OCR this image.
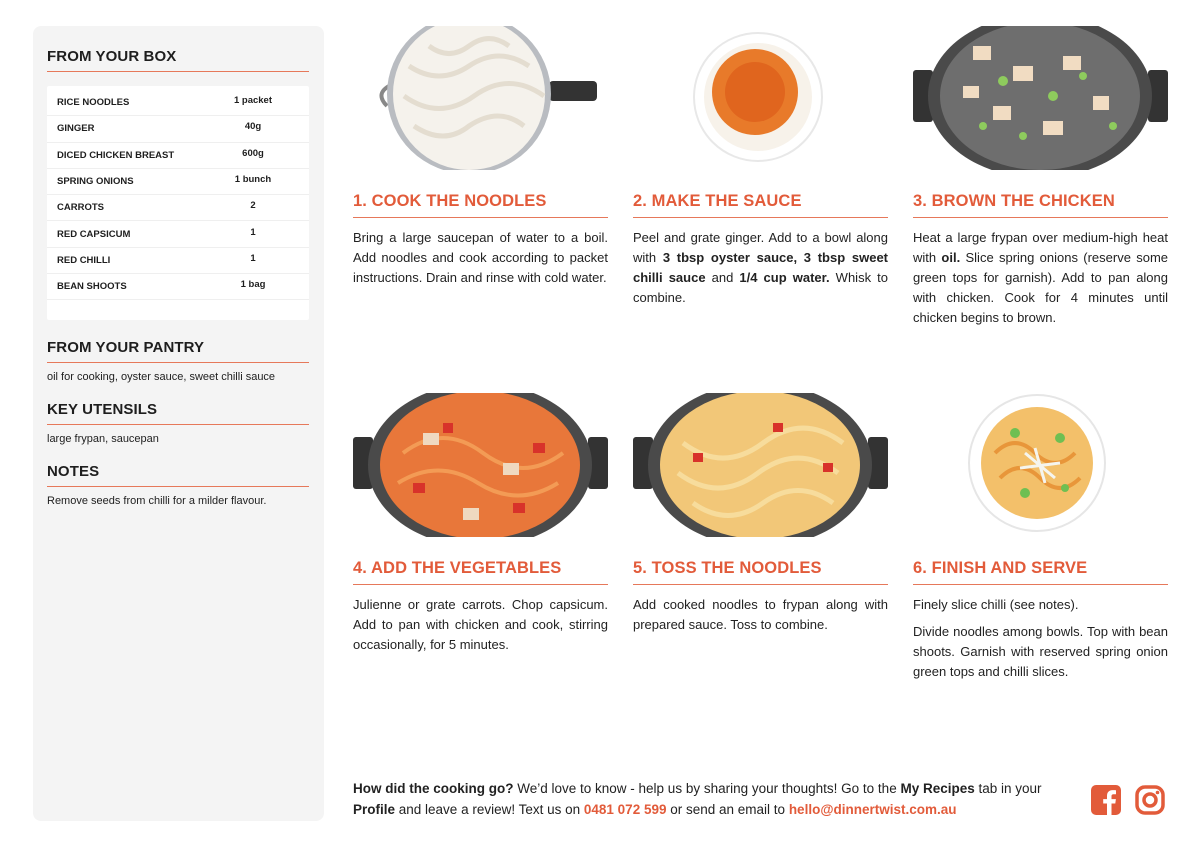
FROM YOUR BOX
RICE NOODLES	1 packet
GINGER	40g
DICED CHICKEN BREAST	600g
SPRING ONIONS	1 bunch
CARROTS	2
RED CAPSICUM	1
RED CHILLI	1
BEAN SHOOTS	1 bag
FROM YOUR PANTRY
oil for cooking, oyster sauce, sweet chilli sauce
KEY UTENSILS
large frypan, saucepan
NOTES
Remove seeds from chilli for a milder flavour.
1. COOK THE NOODLES

Bring a large saucepan of water to a boil. Add noodles and cook according to packet instructions. Drain and rinse with cold water.

2. MAKE THE SAUCE

Peel and grate ginger. Add to a bowl along with 3 tbsp oyster sauce, 3 tbsp sweet chilli sauce and 1/4 cup water. Whisk to combine.

3. BROWN THE CHICKEN

Heat a large frypan over medium-high heat with oil. Slice spring onions (reserve some green tops for garnish). Add to pan along with chicken. Cook for 4 minutes until chicken begins to brown.

4. ADD THE VEGETABLES

Julienne or grate carrots. Chop capsicum. Add to pan with chicken and cook, stirring occasionally, for 5 minutes.

5. TOSS THE NOODLES

Add cooked noodles to frypan along with prepared sauce. Toss to combine.

6. FINISH AND SERVE

Finely slice chilli (see notes).

Divide noodles among bowls. Top with bean shoots. Garnish with reserved spring onion green tops and chilli slices.

How did the cooking go? We’d love to know - help us by sharing your thoughts! Go to the My Recipes tab in your Profile and leave a review! Text us on 0481 072 599 or send an email to hello@dinnertwist.com.au
